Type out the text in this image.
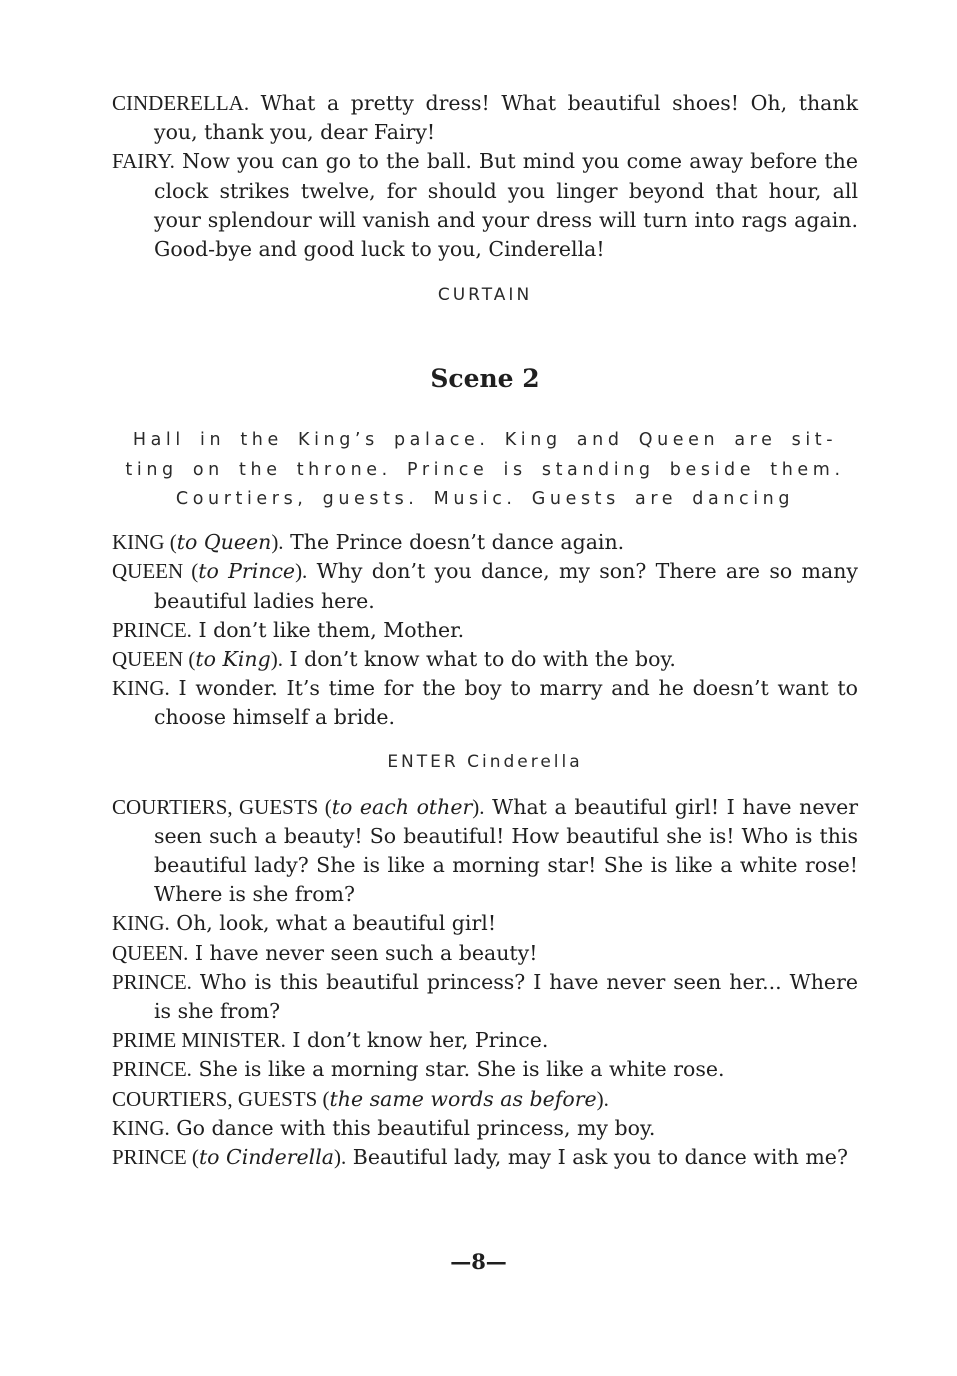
CINDERELLA. What a pretty dress! What beautiful shoes! Oh, thank you, thank you, dear Fairy!

FAIRY. Now you can go to the ball. But mind you come away before the clock strikes twelve, for should you linger beyond that hour, all your splendour will vanish and your dress will turn into rags again. Good-bye and good luck to you, Cinderella!

CURTAIN
Scene 2
Hall in the King’s palace. King and Queen are sit-
ting on the throne. Prince is standing beside them.
Courtiers, guests. Music. Guests are dancing

KING (to Queen). The Prince doesn’t dance again.

QUEEN (to Prince). Why don’t you dance, my son? There are so many beautiful ladies here.

PRINCE. I don’t like them, Mother.

QUEEN (to King). I don’t know what to do with the boy.

KING. I wonder. It’s time for the boy to marry and he doesn’t want to choose himself a bride.

ENTER Cinderella

COURTIERS, GUESTS (to each other). What a beautiful girl! I have never seen such a beauty! So beautiful! How beautiful she is! Who is this beautiful lady? She is like a morning star! She is like a white rose! Where is she from?

KING. Oh, look, what a beautiful girl!

QUEEN. I have never seen such a beauty!

PRINCE. Who is this beautiful princess? I have never seen her... Where is she from?

PRIME MINISTER. I don’t know her, Prince.

PRINCE. She is like a morning star. She is like a white rose.

COURTIERS, GUESTS (the same words as before).

KING. Go dance with this beautiful princess, my boy.

PRINCE (to Cinderella). Beautiful lady, may I ask you to dance with me?

—8—
